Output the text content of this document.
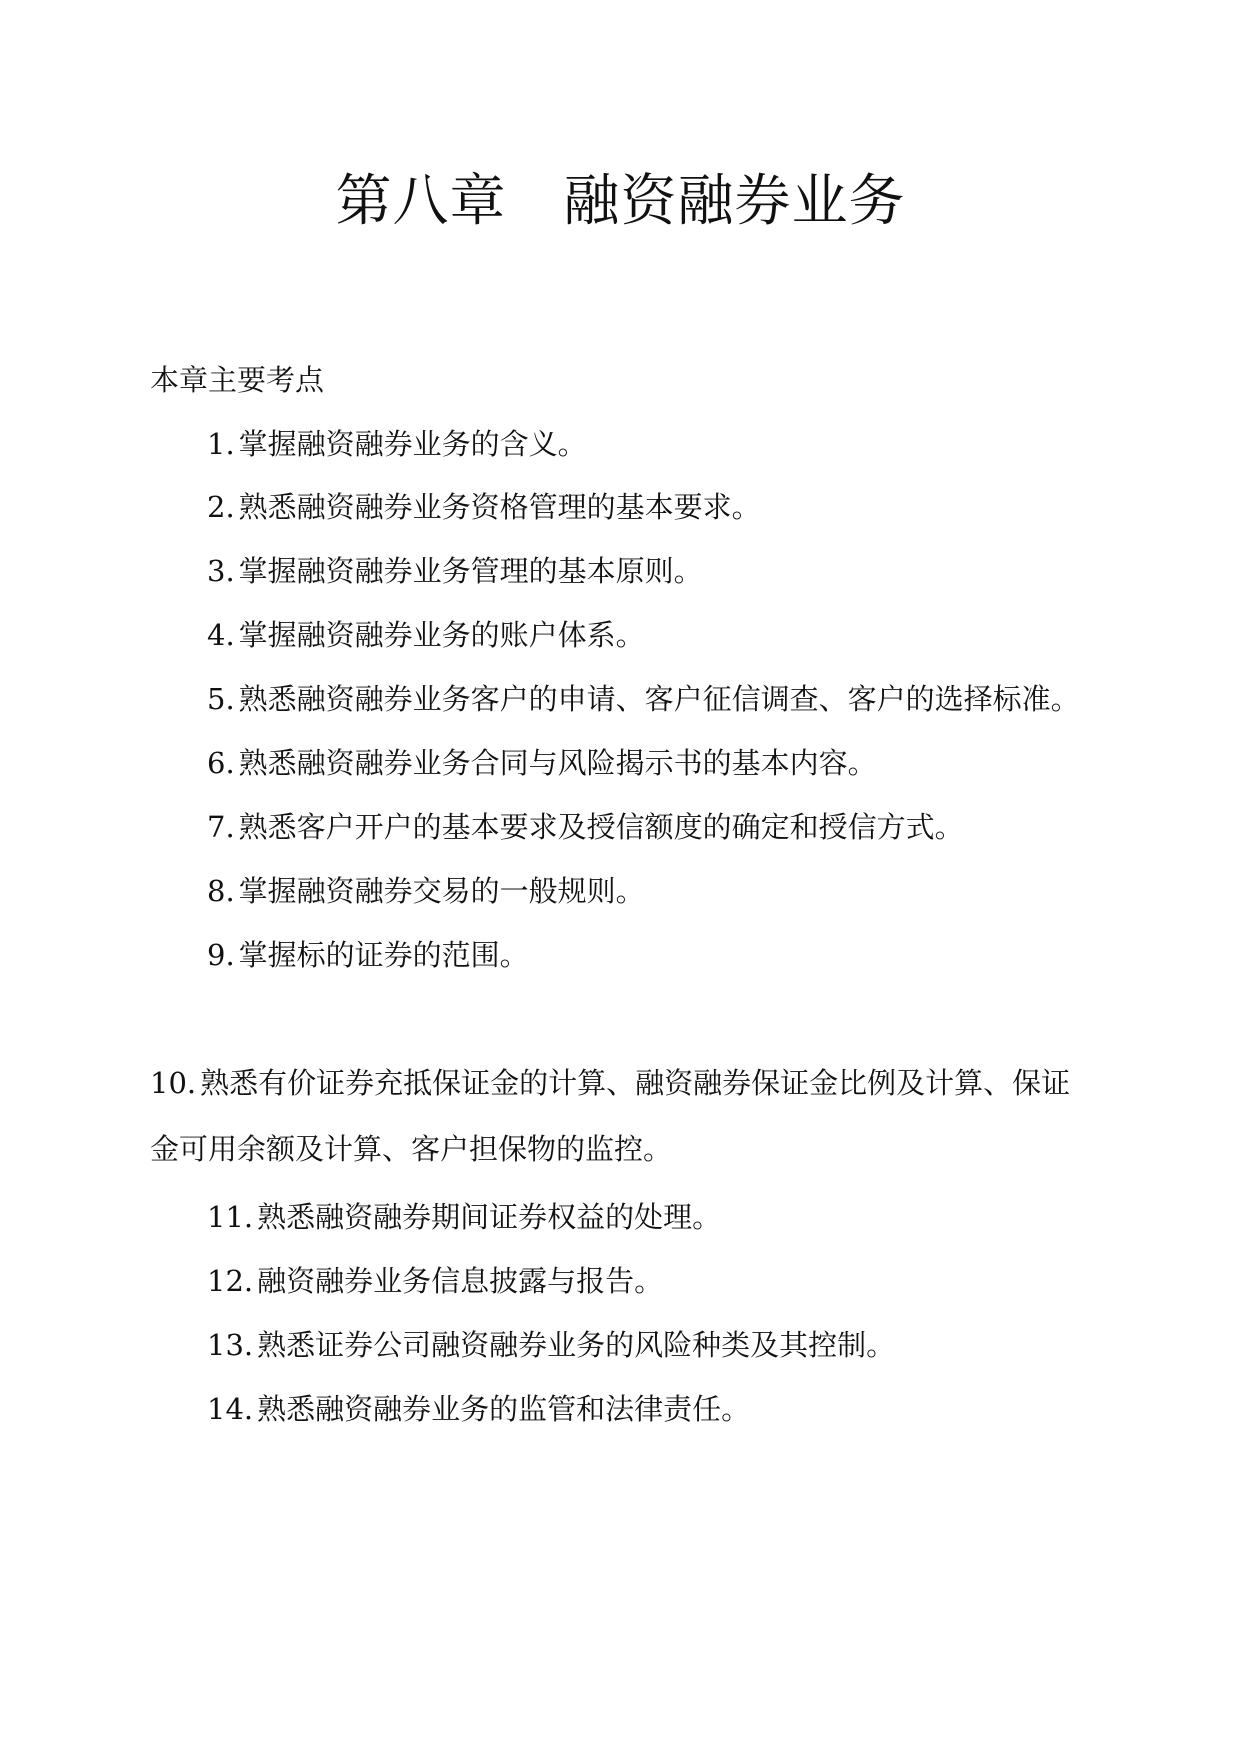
第八章　融资融券业务

本章主要考点

1. 掌握融资融券业务的含义。

2. 熟悉融资融券业务资格管理的基本要求。

3. 掌握融资融券业务管理的基本原则。

4. 掌握融资融券业务的账户体系。

5. 熟悉融资融券业务客户的申请、客户征信调查、客户的选择标准。

6. 熟悉融资融券业务合同与风险揭示书的基本内容。

7. 熟悉客户开户的基本要求及授信额度的确定和授信方式。

8. 掌握融资融券交易的一般规则。

9. 掌握标的证券的范围。

10. 熟悉有价证券充抵保证金的计算、融资融券保证金比例及计算、保证金可用余额及计算、客户担保物的监控。

11. 熟悉融资融券期间证券权益的处理。

12. 融资融券业务信息披露与报告。

13. 熟悉证券公司融资融券业务的风险种类及其控制。

14. 熟悉融资融券业务的监管和法律责任。
